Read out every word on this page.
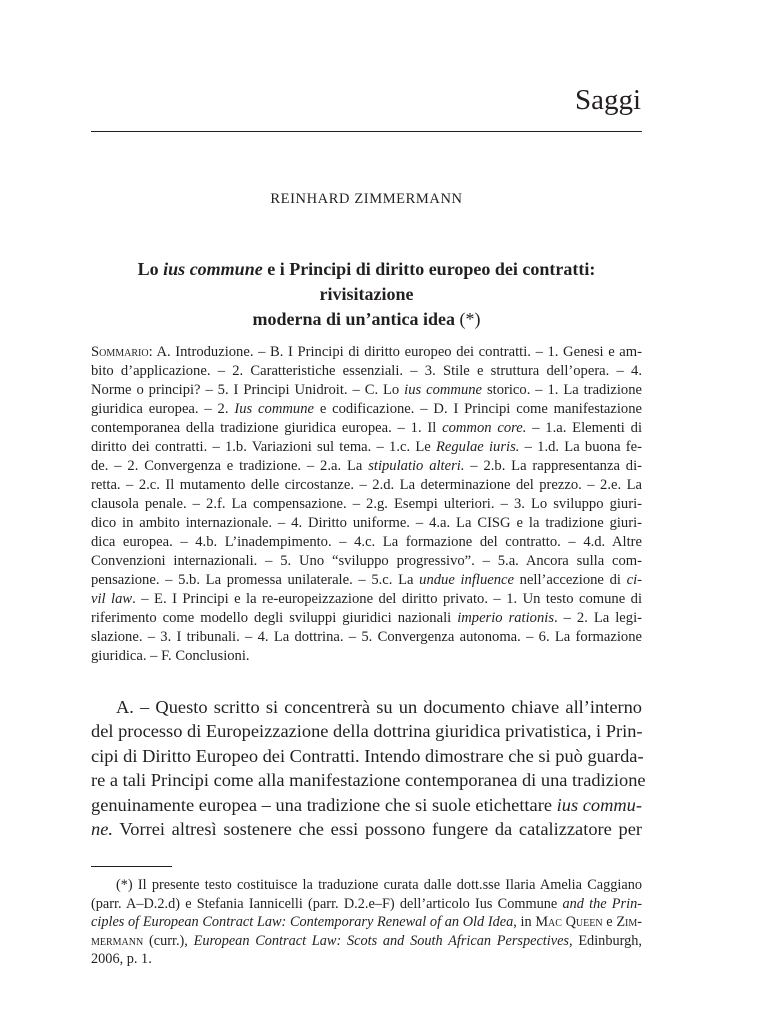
Saggi
REINHARD ZIMMERMANN
Lo ius commune e i Principi di diritto europeo dei contratti: rivisitazione
moderna di un’antica idea (*)
Sommario: A. Introduzione. – B. I Principi di diritto europeo dei contratti. – 1. Genesi e am-
bito d’applicazione. – 2. Caratteristiche essenziali. – 3. Stile e struttura dell’opera. – 4.
Norme o principi? – 5. I Principi Unidroit. – C. Lo ius commune storico. – 1. La tradizione
giuridica europea. – 2. Ius commune e codificazione. – D. I Principi come manifestazione
contemporanea della tradizione giuridica europea. – 1. Il common core. – 1.a. Elementi di
diritto dei contratti. – 1.b. Variazioni sul tema. – 1.c. Le Regulae iuris. – 1.d. La buona fe-
de. – 2. Convergenza e tradizione. – 2.a. La stipulatio alteri. – 2.b. La rappresentanza di-
retta. – 2.c. Il mutamento delle circostanze. – 2.d. La determinazione del prezzo. – 2.e. La
clausola penale. – 2.f. La compensazione. – 2.g. Esempi ulteriori. – 3. Lo sviluppo giuri-
dico in ambito internazionale. – 4. Diritto uniforme. – 4.a. La CISG e la tradizione giuri-
dica europea. – 4.b. L’inadempimento. – 4.c. La formazione del contratto. – 4.d. Altre
Convenzioni internazionali. – 5. Uno “sviluppo progressivo”. – 5.a. Ancora sulla com-
pensazione. – 5.b. La promessa unilaterale. – 5.c. La undue influence nell’accezione di ci-
vil law. – E. I Principi e la re-europeizzazione del diritto privato. – 1. Un testo comune di
riferimento come modello degli sviluppi giuridici nazionali imperio rationis. – 2. La legi-
slazione. – 3. I tribunali. – 4. La dottrina. – 5. Convergenza autonoma. – 6. La formazione
giuridica. – F. Conclusioni.
A. – Questo scritto si concentrerà su un documento chiave all’interno
del processo di Europeizzazione della dottrina giuridica privatistica, i Prin-
cipi di Diritto Europeo dei Contratti. Intendo dimostrare che si può guarda-
re a tali Principi come alla manifestazione contemporanea di una tradizione
genuinamente europea – una tradizione che si suole etichettare ius commu-
ne. Vorrei altresì sostenere che essi possono fungere da catalizzatore per
(*) Il presente testo costituisce la traduzione curata dalle dott.sse Ilaria Amelia Caggiano
(parr. A–D.2.d) e Stefania Iannicelli (parr. D.2.e–F) dell’articolo Ius Commune and the Prin-
ciples of European Contract Law: Contemporary Renewal of an Old Idea, in Mac Queen e Zim-
mermann (curr.), European Contract Law: Scots and South African Perspectives, Edinburgh,
2006, p. 1.
